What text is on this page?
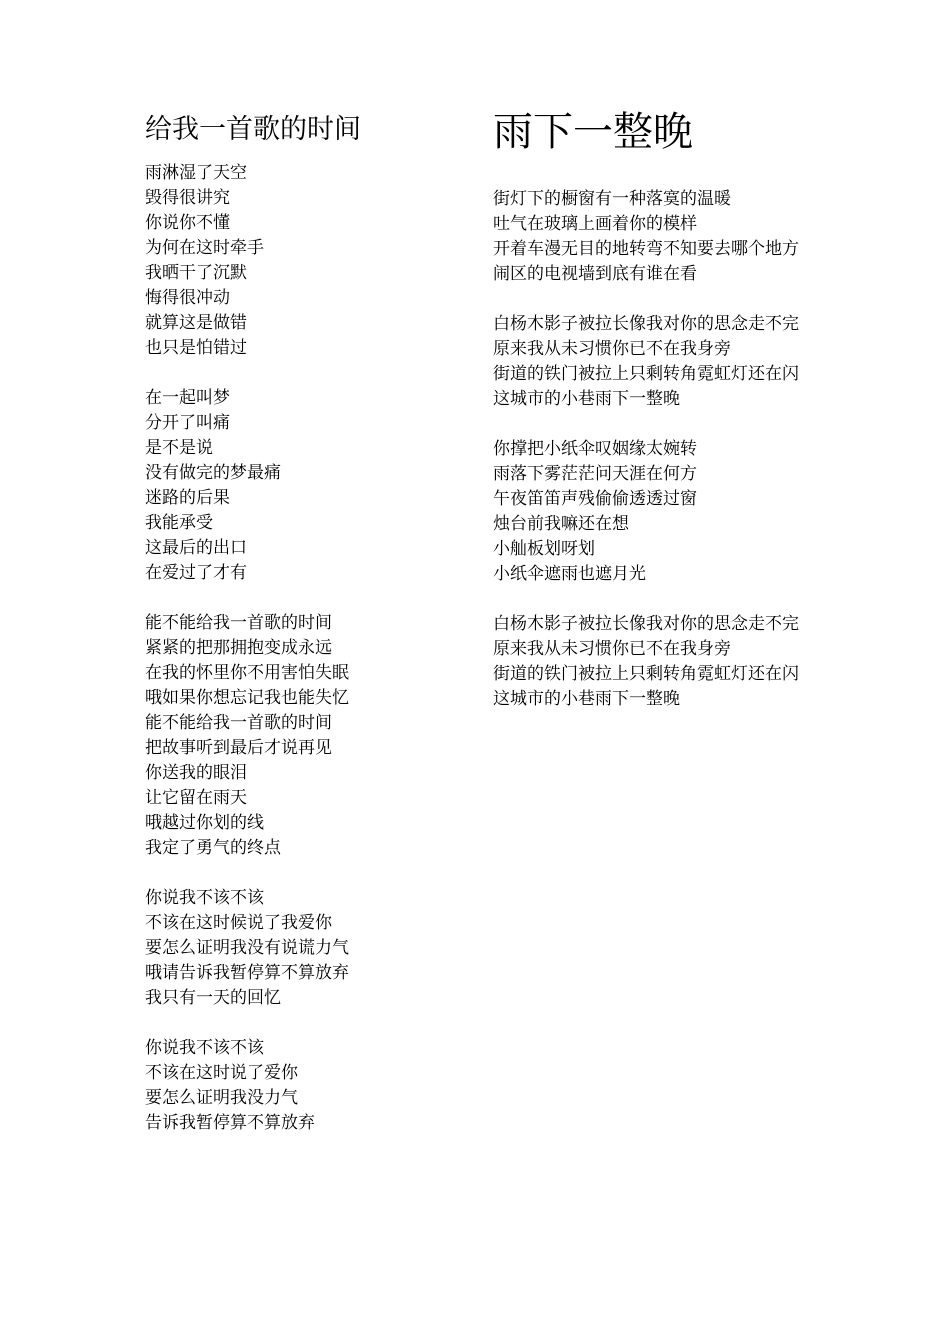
给我一首歌的时间
雨淋湿了天空
毁得很讲究
你说你不懂
为何在这时牵手
我晒干了沉默
悔得很冲动
就算这是做错
也只是怕错过
在一起叫梦
分开了叫痛
是不是说
没有做完的梦最痛
迷路的后果
我能承受
这最后的出口
在爱过了才有
能不能给我一首歌的时间
紧紧的把那拥抱变成永远
在我的怀里你不用害怕失眠
哦如果你想忘记我也能失忆
能不能给我一首歌的时间
把故事听到最后才说再见
你送我的眼泪
让它留在雨天
哦越过你划的线
我定了勇气的终点
你说我不该不该
不该在这时候说了我爱你
要怎么证明我没有说谎力气
哦请告诉我暂停算不算放弃
我只有一天的回忆
你说我不该不该
不该在这时说了爱你
要怎么证明我没力气
告诉我暂停算不算放弃
雨下一整晚
街灯下的橱窗有一种落寞的温暖
吐气在玻璃上画着你的模样
开着车漫无目的地转弯不知要去哪个地方
闹区的电视墙到底有谁在看
白杨木影子被拉长像我对你的思念走不完
原来我从未习惯你已不在我身旁
街道的铁门被拉上只剩转角霓虹灯还在闪
这城市的小巷雨下一整晚
你撑把小纸伞叹姻缘太婉转
雨落下雾茫茫问天涯在何方
午夜笛笛声残偷偷透透过窗
烛台前我嘛还在想
小舢板划呀划
小纸伞遮雨也遮月光
白杨木影子被拉长像我对你的思念走不完
原来我从未习惯你已不在我身旁
街道的铁门被拉上只剩转角霓虹灯还在闪
这城市的小巷雨下一整晚
